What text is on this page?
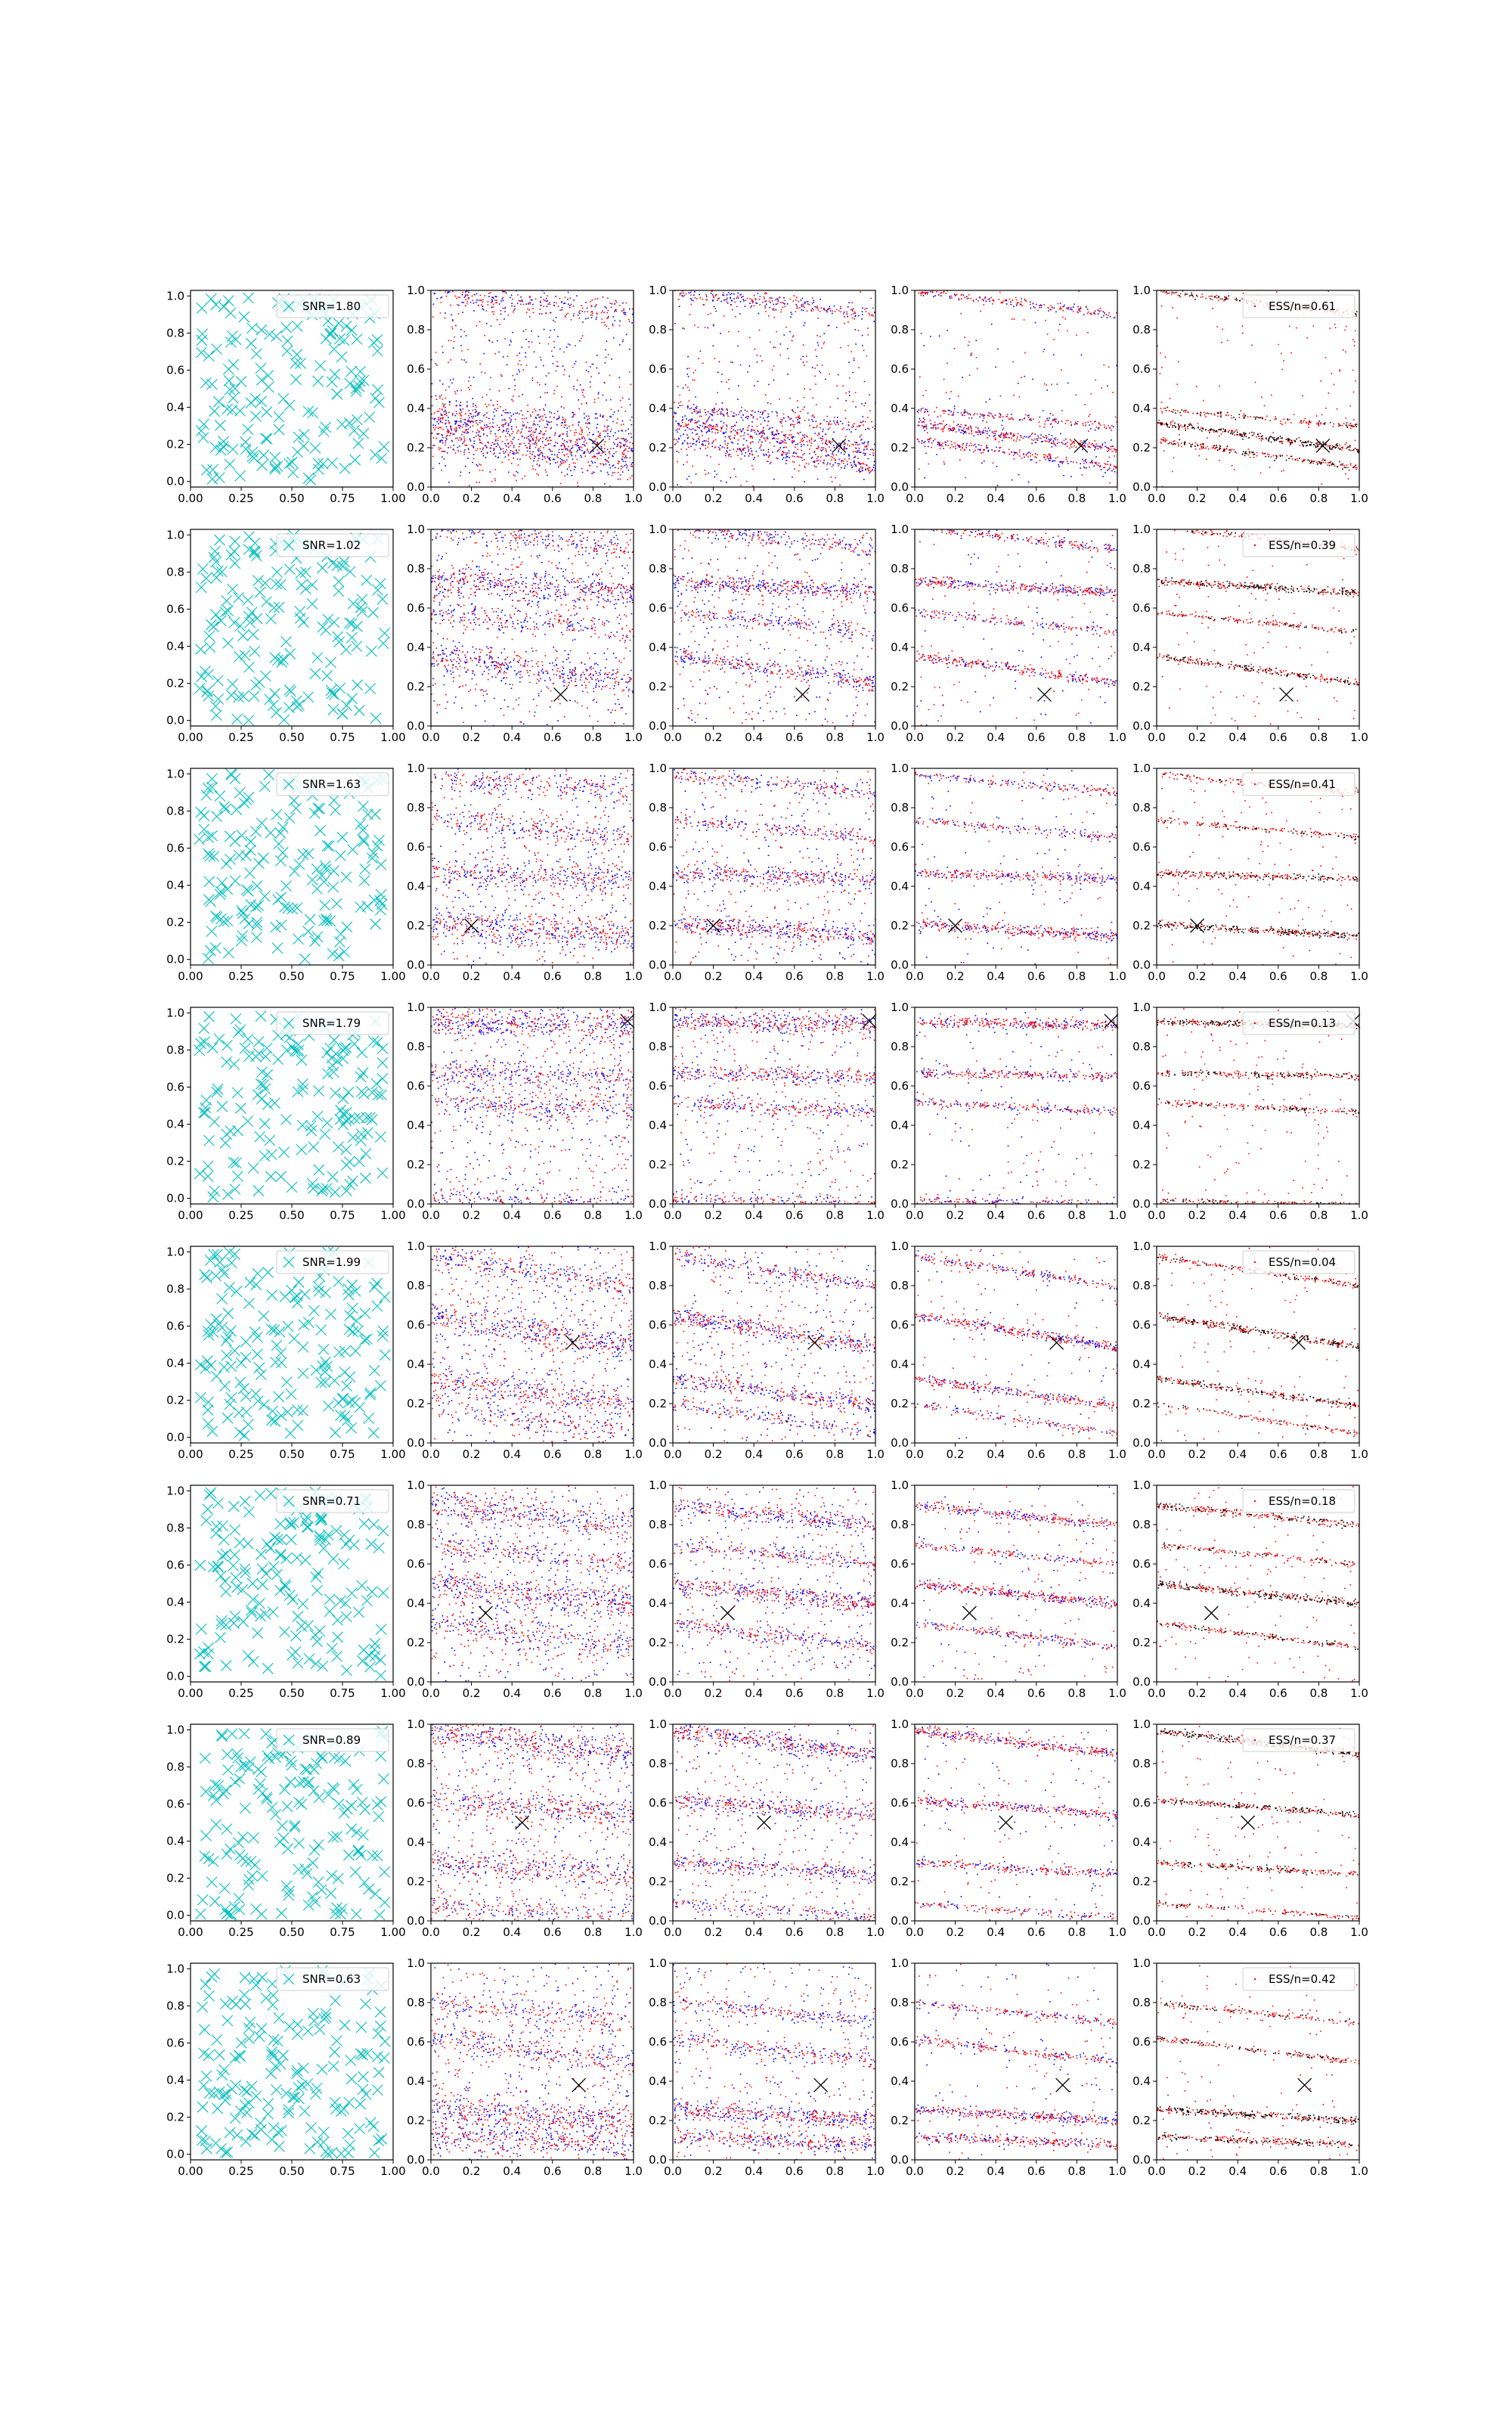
0.00 0.25 0.50 0.75 1.00
0.0
0.2
0.4
0.6
0.8
1.0
SNR=1.80
0.0 0.2 0.4 0.6 0.8 1.0
0.0
0.2
0.4
0.6
0.8
1.0
0.0 0.2 0.4 0.6 0.8 1.0
0.0
0.2
0.4
0.6
0.8
1.0
0.0 0.2 0.4 0.6 0.8 1.0
0.0
0.2
0.4
0.6
0.8
1.0
0.0 0.2 0.4 0.6 0.8 1.0
0.0
0.2
0.4
0.6
0.8
1.0
ESS/n=0.61
0.00 0.25 0.50 0.75 1.00
0.0
0.2
0.4
0.6
0.8
1.0
SNR=1.02
0.0 0.2 0.4 0.6 0.8 1.0
0.0
0.2
0.4
0.6
0.8
1.0
0.0 0.2 0.4 0.6 0.8 1.0
0.0
0.2
0.4
0.6
0.8
1.0
0.0 0.2 0.4 0.6 0.8 1.0
0.0
0.2
0.4
0.6
0.8
1.0
0.0 0.2 0.4 0.6 0.8 1.0
0.0
0.2
0.4
0.6
0.8
1.0
ESS/n=0.39
0.00 0.25 0.50 0.75 1.00
0.0
0.2
0.4
0.6
0.8
1.0
SNR=1.63
0.0 0.2 0.4 0.6 0.8 1.0
0.0
0.2
0.4
0.6
0.8
1.0
0.0 0.2 0.4 0.6 0.8 1.0
0.0
0.2
0.4
0.6
0.8
1.0
0.0 0.2 0.4 0.6 0.8 1.0
0.0
0.2
0.4
0.6
0.8
1.0
0.0 0.2 0.4 0.6 0.8 1.0
0.0
0.2
0.4
0.6
0.8
1.0
ESS/n=0.41
0.00 0.25 0.50 0.75 1.00
0.0
0.2
0.4
0.6
0.8
1.0
SNR=1.79
0.0 0.2 0.4 0.6 0.8 1.0
0.0
0.2
0.4
0.6
0.8
1.0
0.0 0.2 0.4 0.6 0.8 1.0
0.0
0.2
0.4
0.6
0.8
1.0
0.0 0.2 0.4 0.6 0.8 1.0
0.0
0.2
0.4
0.6
0.8
1.0
0.0 0.2 0.4 0.6 0.8 1.0
0.0
0.2
0.4
0.6
0.8
1.0
ESS/n=0.13
0.00 0.25 0.50 0.75 1.00
0.0
0.2
0.4
0.6
0.8
1.0
SNR=1.99
0.0 0.2 0.4 0.6 0.8 1.0
0.0
0.2
0.4
0.6
0.8
1.0
0.0 0.2 0.4 0.6 0.8 1.0
0.0
0.2
0.4
0.6
0.8
1.0
0.0 0.2 0.4 0.6 0.8 1.0
0.0
0.2
0.4
0.6
0.8
1.0
0.0 0.2 0.4 0.6 0.8 1.0
0.0
0.2
0.4
0.6
0.8
1.0
ESS/n=0.04
0.00 0.25 0.50 0.75 1.00
0.0
0.2
0.4
0.6
0.8
1.0
SNR=0.71
0.0 0.2 0.4 0.6 0.8 1.0
0.0
0.2
0.4
0.6
0.8
1.0
0.0 0.2 0.4 0.6 0.8 1.0
0.0
0.2
0.4
0.6
0.8
1.0
0.0 0.2 0.4 0.6 0.8 1.0
0.0
0.2
0.4
0.6
0.8
1.0
0.0 0.2 0.4 0.6 0.8 1.0
0.0
0.2
0.4
0.6
0.8
1.0
ESS/n=0.18
0.00 0.25 0.50 0.75 1.00
0.0
0.2
0.4
0.6
0.8
1.0
SNR=0.89
0.0 0.2 0.4 0.6 0.8 1.0
0.0
0.2
0.4
0.6
0.8
1.0
0.0 0.2 0.4 0.6 0.8 1.0
0.0
0.2
0.4
0.6
0.8
1.0
0.0 0.2 0.4 0.6 0.8 1.0
0.0
0.2
0.4
0.6
0.8
1.0
0.0 0.2 0.4 0.6 0.8 1.0
0.0
0.2
0.4
0.6
0.8
1.0
ESS/n=0.37
0.00 0.25 0.50 0.75 1.00
0.0
0.2
0.4
0.6
0.8
1.0
SNR=0.63
0.0 0.2 0.4 0.6 0.8 1.0
0.0
0.2
0.4
0.6
0.8
1.0
0.0 0.2 0.4 0.6 0.8 1.0
0.0
0.2
0.4
0.6
0.8
1.0
0.0 0.2 0.4 0.6 0.8 1.0
0.0
0.2
0.4
0.6
0.8
1.0
0.0 0.2 0.4 0.6 0.8 1.0
0.0
0.2
0.4
0.6
0.8
1.0
ESS/n=0.42
